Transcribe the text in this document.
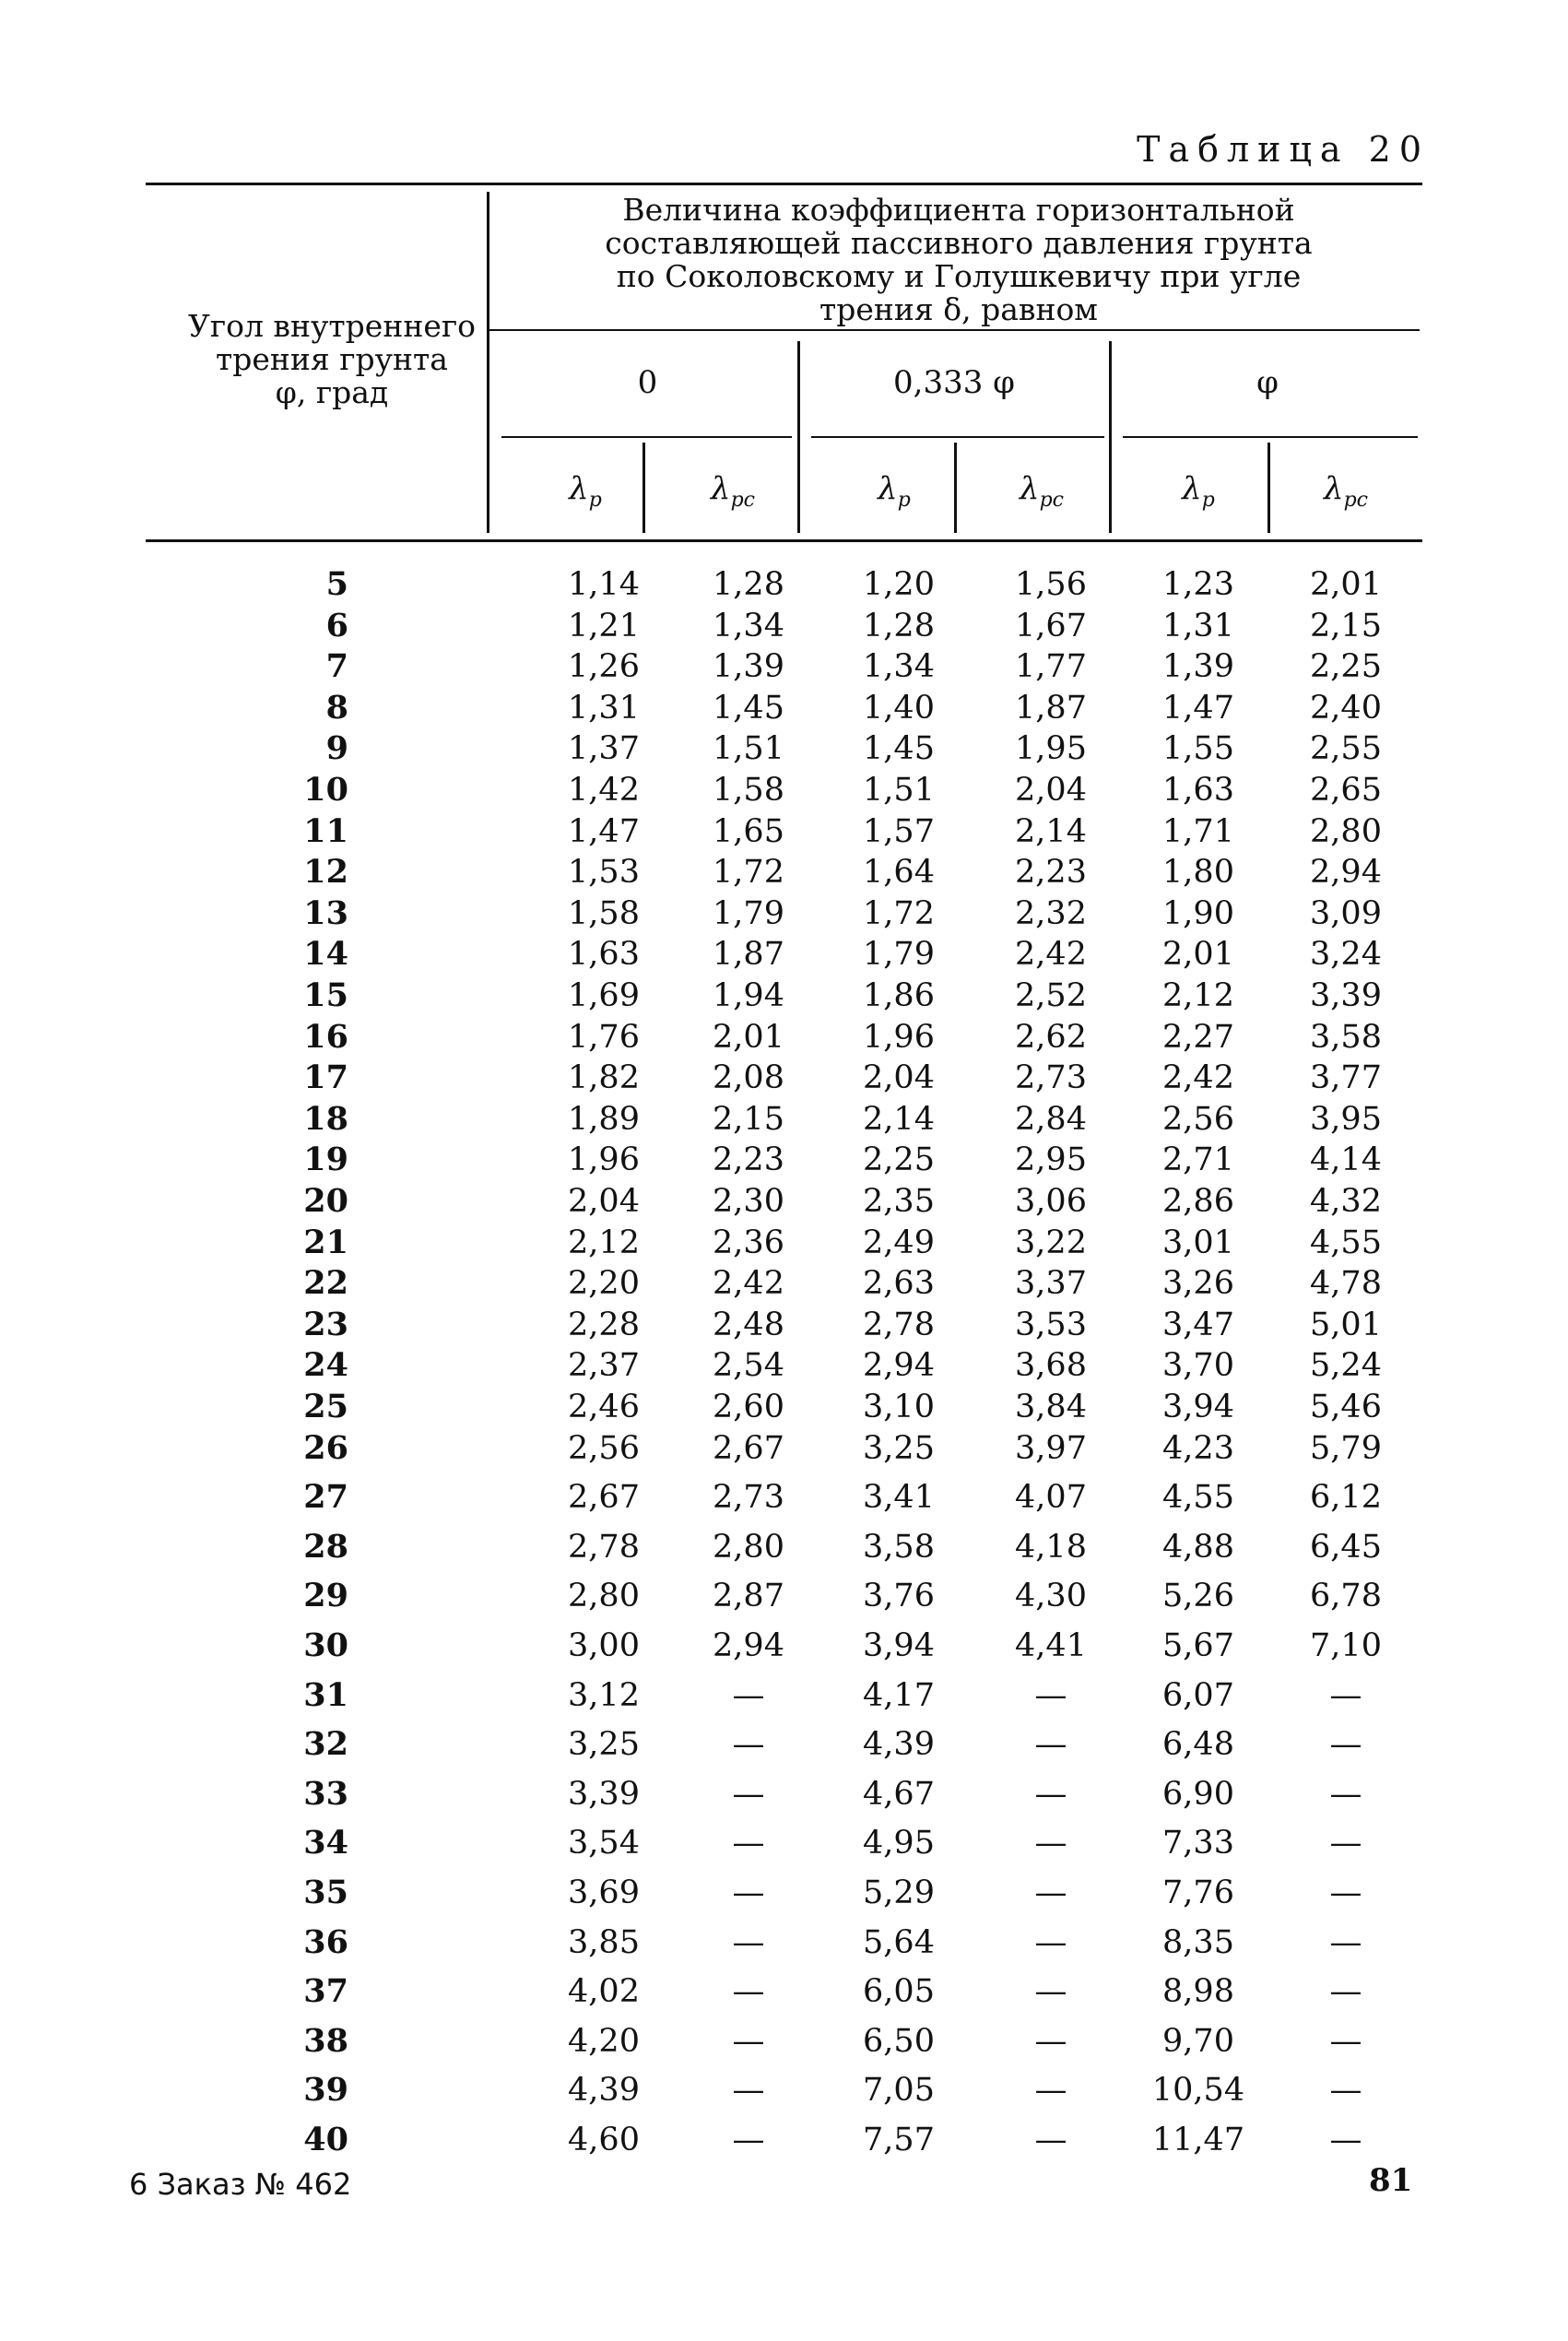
Таблица 20
Угол внутреннего
трения грунта
φ, град
Величина коэффициента горизонтальной
составляющей пассивного давления грунта
по Соколовскому и Голушкевичу при угле
трения δ, равном
0	0,333 φ	φ
$\lambda_p$	$\lambda_{pc}$	$\lambda_p$	$\lambda_{pc}$	$\lambda_p$	$\lambda_{pc}$
5	1,14	1,28	1,20	1,56	1,23	2,01
6	1,21	1,34	1,28	1,67	1,31	2,15
7	1,26	1,39	1,34	1,77	1,39	2,25
8	1,31	1,45	1,40	1,87	1,47	2,40
9	1,37	1,51	1,45	1,95	1,55	2,55
10	1,42	1,58	1,51	2,04	1,63	2,65
11	1,47	1,65	1,57	2,14	1,71	2,80
12	1,53	1,72	1,64	2,23	1,80	2,94
13	1,58	1,79	1,72	2,32	1,90	3,09
14	1,63	1,87	1,79	2,42	2,01	3,24
15	1,69	1,94	1,86	2,52	2,12	3,39
16	1,76	2,01	1,96	2,62	2,27	3,58
17	1,82	2,08	2,04	2,73	2,42	3,77
18	1,89	2,15	2,14	2,84	2,56	3,95
19	1,96	2,23	2,25	2,95	2,71	4,14
20	2,04	2,30	2,35	3,06	2,86	4,32
21	2,12	2,36	2,49	3,22	3,01	4,55
22	2,20	2,42	2,63	3,37	3,26	4,78
23	2,28	2,48	2,78	3,53	3,47	5,01
24	2,37	2,54	2,94	3,68	3,70	5,24
25	2,46	2,60	3,10	3,84	3,94	5,46
26	2,56	2,67	3,25	3,97	4,23	5,79
27	2,67	2,73	3,41	4,07	4,55	6,12
28	2,78	2,80	3,58	4,18	4,88	6,45
29	2,80	2,87	3,76	4,30	5,26	6,78
30	3,00	2,94	3,94	4,41	5,67	7,10
31	3,12	—	4,17	—	6,07	—
32	3,25	—	4,39	—	6,48	—
33	3,39	—	4,67	—	6,90	—
34	3,54	—	4,95	—	7,33	—
35	3,69	—	5,29	—	7,76	—
36	3,85	—	5,64	—	8,35	—
37	4,02	—	6,05	—	8,98	—
38	4,20	—	6,50	—	9,70	—
39	4,39	—	7,05	—	10,54	—
40	4,60	—	7,57	—	11,47	—
6 Заказ № 462	81
